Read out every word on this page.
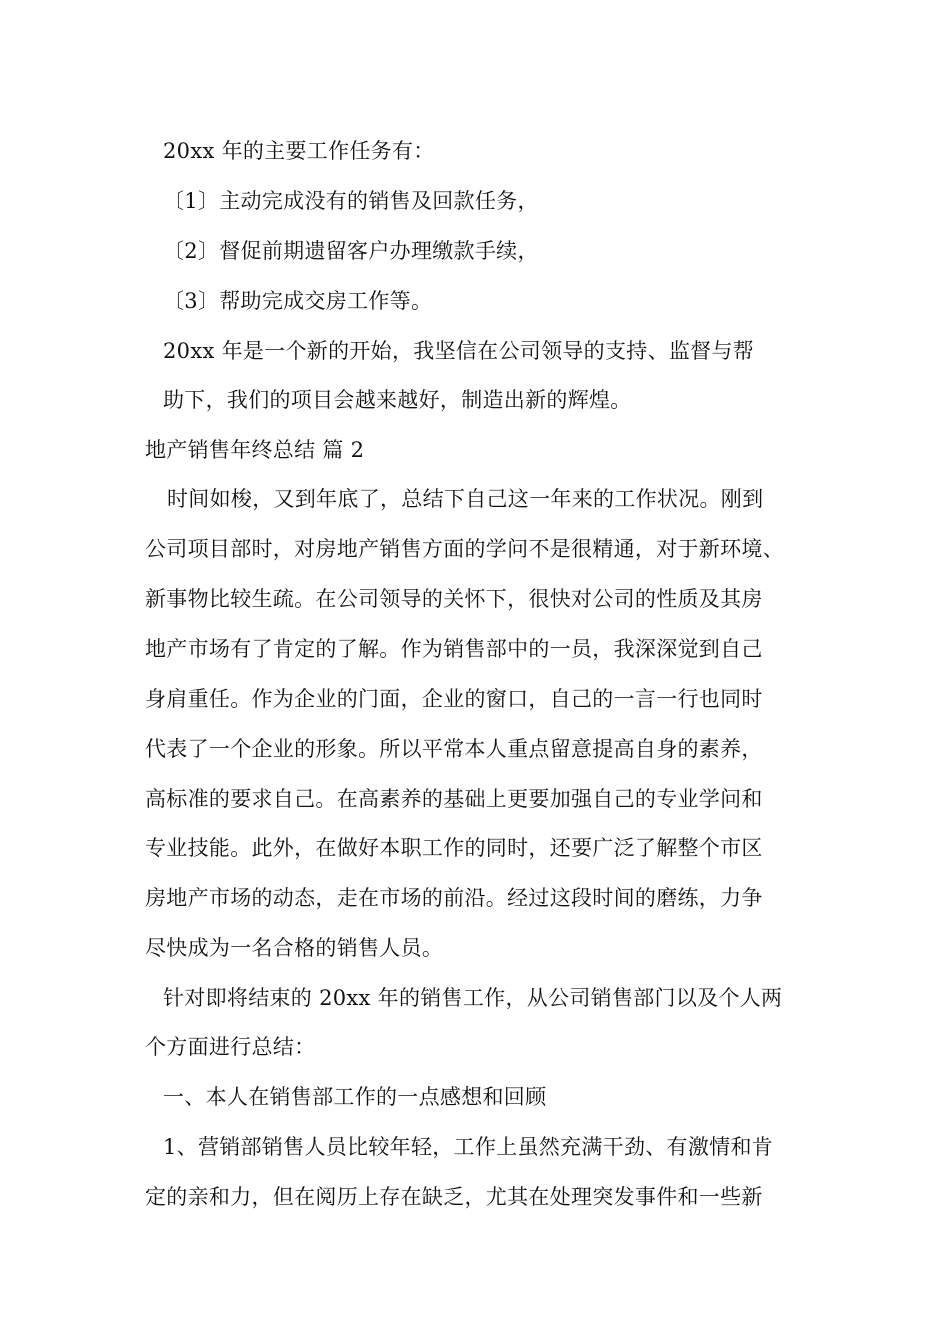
20xx 年的主要工作任务有：
〔1〕主动完成没有的销售及回款任务，
〔2〕督促前期遗留客户办理缴款手续，
〔3〕帮助完成交房工作等。
20xx 年是一个新的开始，我坚信在公司领导的支持、监督与帮
助下，我们的项目会越来越好，制造出新的辉煌。
地产销售年终总结 篇 2
时间如梭，又到年底了，总结下自己这一年来的工作状况。刚到
公司项目部时，对房地产销售方面的学问不是很精通，对于新环境、
新事物比较生疏。在公司领导的关怀下，很快对公司的性质及其房
地产市场有了肯定的了解。作为销售部中的一员，我深深觉到自己
身肩重任。作为企业的门面，企业的窗口，自己的一言一行也同时
代表了一个企业的形象。所以平常本人重点留意提高自身的素养，
高标准的要求自己。在高素养的基础上更要加强自己的专业学问和
专业技能。此外，在做好本职工作的同时，还要广泛了解整个市区
房地产市场的动态，走在市场的前沿。经过这段时间的磨练，力争
尽快成为一名合格的销售人员。
针对即将结束的 20xx 年的销售工作，从公司销售部门以及个人两
个方面进行总结：
一、本人在销售部工作的一点感想和回顾
1、营销部销售人员比较年轻，工作上虽然充满干劲、有激情和肯
定的亲和力，但在阅历上存在缺乏，尤其在处理突发事件和一些新
